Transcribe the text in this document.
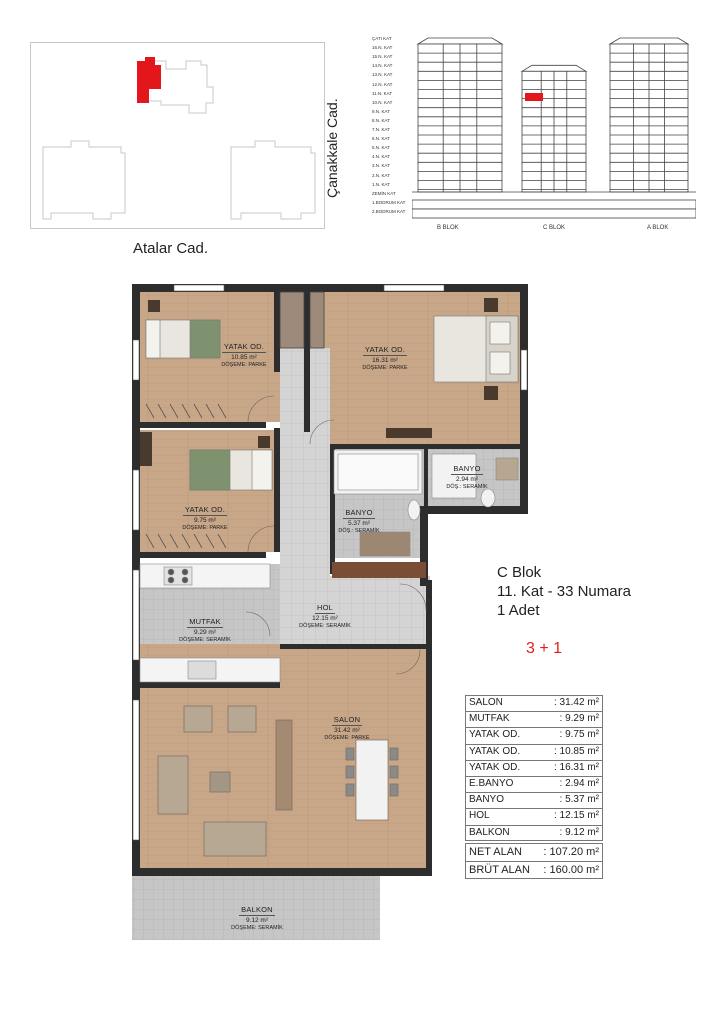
Atalar Cad.
Çanakkale Cad.
ÇATI KAT
16.N. KAT
15.N. KAT
14.N. KAT
13.N. KAT
12.N. KAT
11.N. KAT
10.N. KAT
9.N. KAT
8.N. KAT
7.N. KAT
6.N. KAT
5.N. KAT
4.N. KAT
3.N. KAT
2.N. KAT
1.N. KAT
ZEMİN KAT
1.BODRUM KAT
2.BODRUM KAT
B BLOK	C BLOK	A BLOK
YATAK OD.
10.85 m²
DÖŞEME: PARKE
YATAK OD.
16.31 m²
DÖŞEME: PARKE
YATAK OD.
9.75 m²
DÖŞEME: PARKE
BANYO
2.94 m²
DÖŞ.: SERAMİK
BANYO
5.37 m²
DÖŞ.: SERAMİK
MUTFAK
9.29 m²
DÖŞEME: SERAMİK
HOL
12.15 m²
DÖŞEME: SERAMİK
SALON
31.42 m²
DÖŞEME: PARKE
BALKON
9.12 m²
DÖŞEME: SERAMİK
C Blok
11. Kat - 33 Numara
1 Adet
3 + 1
SALON	: 31.42 m²
MUTFAK	: 9.29 m²
YATAK OD.	: 9.75 m²
YATAK OD.	: 10.85 m²
YATAK OD.	: 16.31 m²
E.BANYO	: 2.94 m²
BANYO	: 5.37 m²
HOL	: 12.15 m²
BALKON	: 9.12 m²
NET ALAN : 107.20 m²
BRÜT ALAN : 160.00 m²
